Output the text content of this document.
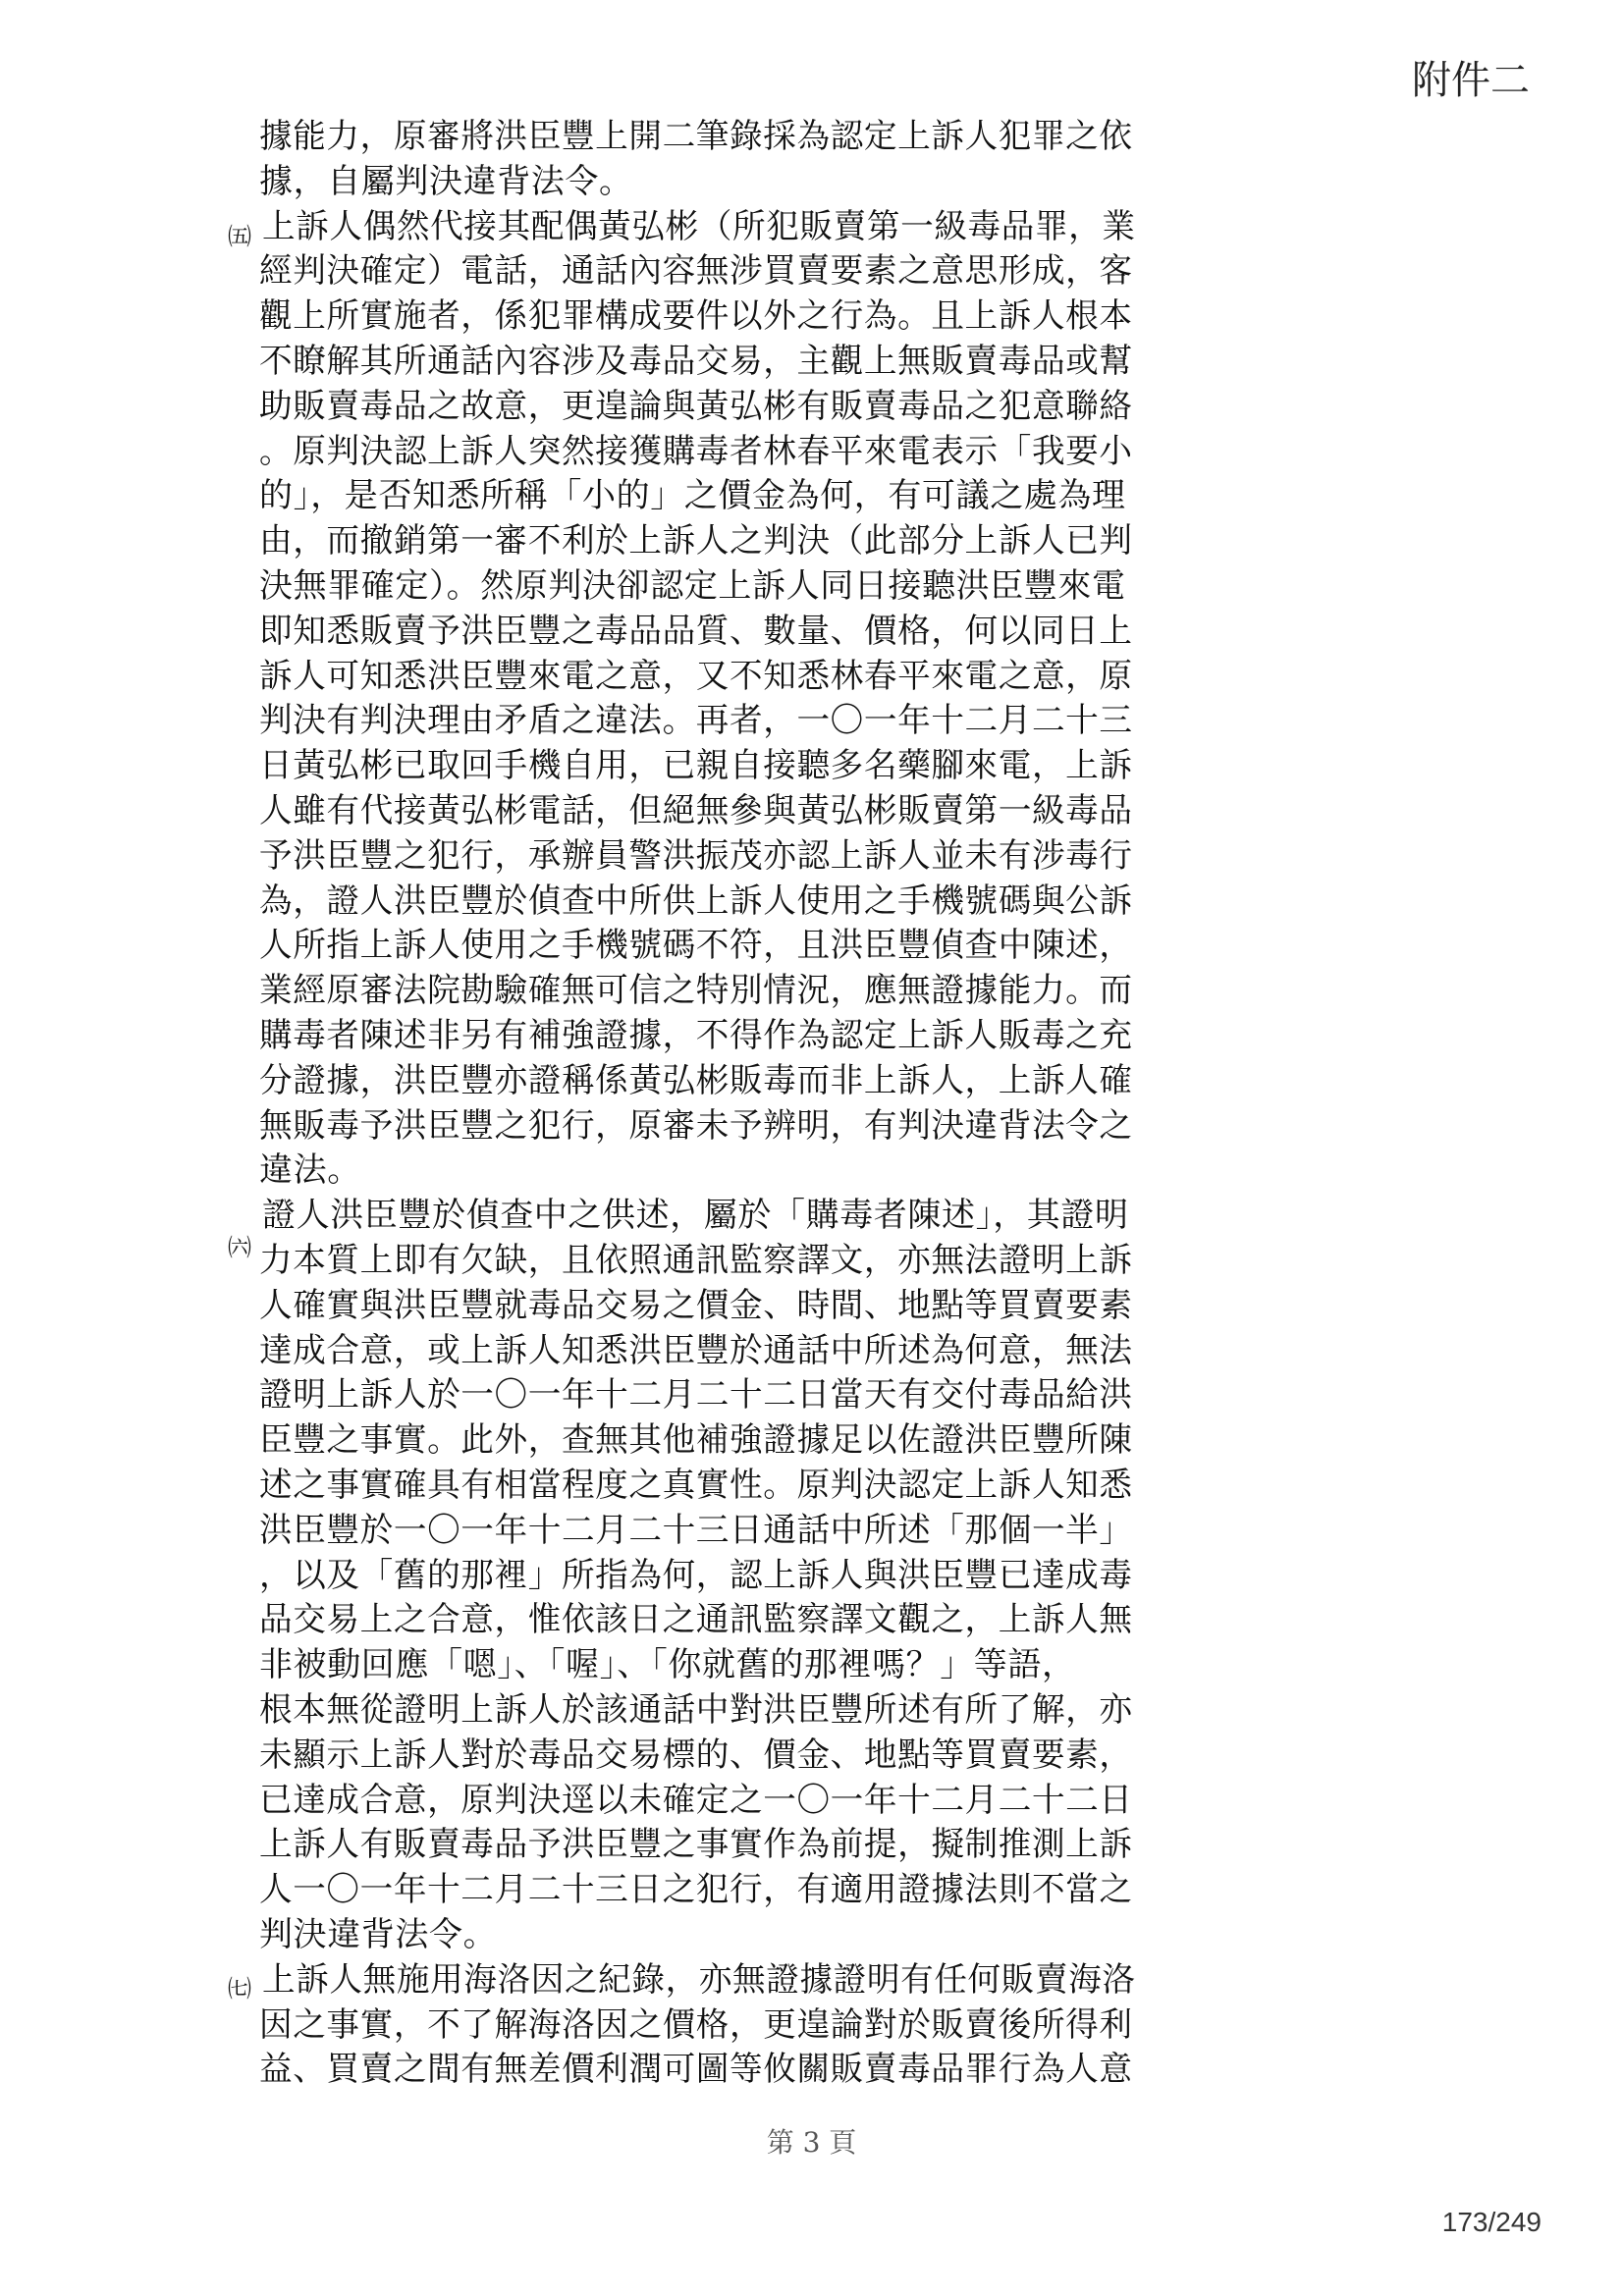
附件二
㈤
㈥
㈦
據能力，原審將洪臣豐上開二筆錄採為認定上訴人犯罪之依
據，自屬判決違背法令。
上訴人偶然代接其配偶黃弘彬（所犯販賣第一級毒品罪，業
經判決確定）電話，通話內容無涉買賣要素之意思形成，客
觀上所實施者，係犯罪構成要件以外之行為。且上訴人根本
不瞭解其所通話內容涉及毒品交易，主觀上無販賣毒品或幫
助販賣毒品之故意，更遑論與黃弘彬有販賣毒品之犯意聯絡
。原判決認上訴人突然接獲購毒者林春平來電表示「我要小
的」，是否知悉所稱「小的」之價金為何，有可議之處為理
由，而撤銷第一審不利於上訴人之判決（此部分上訴人已判
決無罪確定）。然原判決卻認定上訴人同日接聽洪臣豐來電
即知悉販賣予洪臣豐之毒品品質、數量、價格，何以同日上
訴人可知悉洪臣豐來電之意，又不知悉林春平來電之意，原
判決有判決理由矛盾之違法。再者，一〇一年十二月二十三
日黃弘彬已取回手機自用，已親自接聽多名藥腳來電，上訴
人雖有代接黃弘彬電話，但絕無參與黃弘彬販賣第一級毒品
予洪臣豐之犯行，承辦員警洪振茂亦認上訴人並未有涉毒行
為，證人洪臣豐於偵查中所供上訴人使用之手機號碼與公訴
人所指上訴人使用之手機號碼不符，且洪臣豐偵查中陳述，
業經原審法院勘驗確無可信之特別情況，應無證據能力。而
購毒者陳述非另有補強證據，不得作為認定上訴人販毒之充
分證據，洪臣豐亦證稱係黃弘彬販毒而非上訴人，上訴人確
無販毒予洪臣豐之犯行，原審未予辨明，有判決違背法令之
違法。
證人洪臣豐於偵查中之供述，屬於「購毒者陳述」，其證明
力本質上即有欠缺，且依照通訊監察譯文，亦無法證明上訴
人確實與洪臣豐就毒品交易之價金、時間、地點等買賣要素
達成合意，或上訴人知悉洪臣豐於通話中所述為何意，無法
證明上訴人於一〇一年十二月二十二日當天有交付毒品給洪
臣豐之事實。此外，查無其他補強證據足以佐證洪臣豐所陳
述之事實確具有相當程度之真實性。原判決認定上訴人知悉
洪臣豐於一〇一年十二月二十三日通話中所述「那個一半」
，以及「舊的那裡」所指為何，認上訴人與洪臣豐已達成毒
品交易上之合意，惟依該日之通訊監察譯文觀之，上訴人無
非被動回應「嗯」、「喔」、「你就舊的那裡嗎？」等語，
根本無從證明上訴人於該通話中對洪臣豐所述有所了解，亦
未顯示上訴人對於毒品交易標的、價金、地點等買賣要素，
已達成合意，原判決逕以未確定之一〇一年十二月二十二日
上訴人有販賣毒品予洪臣豐之事實作為前提，擬制推測上訴
人一〇一年十二月二十三日之犯行，有適用證據法則不當之
判決違背法令。
上訴人無施用海洛因之紀錄，亦無證據證明有任何販賣海洛
因之事實，不了解海洛因之價格，更遑論對於販賣後所得利
益、買賣之間有無差價利潤可圖等攸關販賣毒品罪行為人意
第 3 頁
173/249
